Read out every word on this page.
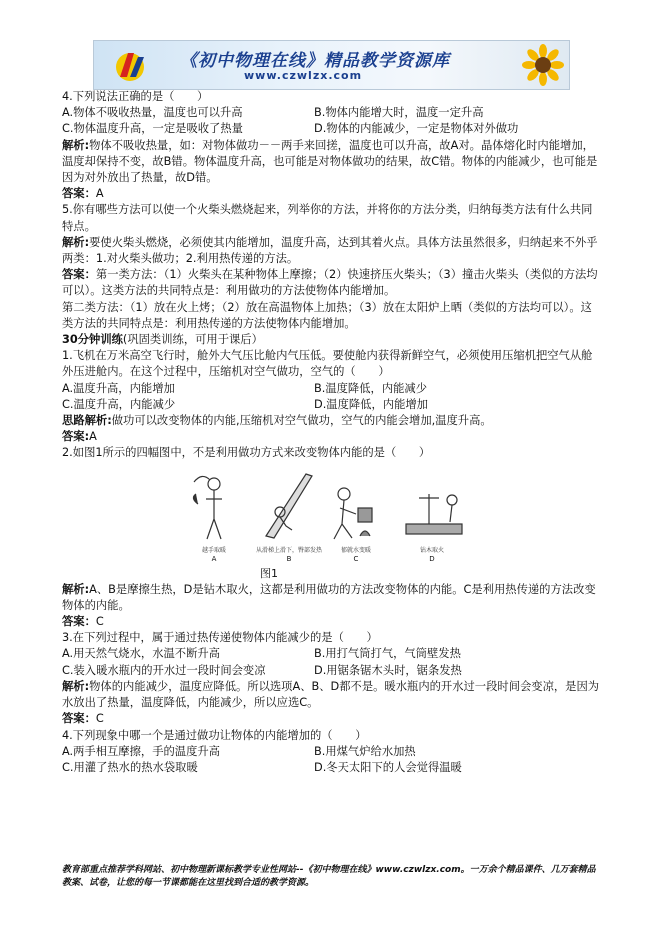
《初中物理在线》精品教学资源库
www.czwlzx.com

4.下列说法正确的是（　　）

A.物体不吸收热量，温度也可以升高	B.物体内能增大时，温度一定升高
C.物体温度升高，一定是吸收了热量	D.物体的内能减少，一定是物体对外做功

解析:物体不吸收热量，如：对物体做功－－两手来回搓，温度也可以升高，故A对。晶体熔化时内能增加，温度却保持不变，故B错。物体温度升高，也可能是对物体做功的结果，故C错。物体的内能减少，也可能是因为对外放出了热量，故D错。

答案：A

5.你有哪些方法可以使一个火柴头燃烧起来，列举你的方法，并将你的方法分类，归纳每类方法有什么共同特点。

解析:要使火柴头燃烧，必须使其内能增加，温度升高，达到其着火点。具体方法虽然很多，归纳起来不外乎两类：1.对火柴头做功；2.利用热传递的方法。

答案：第一类方法：（1）火柴头在某种物体上摩擦；（2）快速挤压火柴头；（3）撞击火柴头（类似的方法均可以）。这类方法的共同特点是：利用做功的方法使物体内能增加。

第二类方法：（1）放在火上烤；（2）放在高温物体上加热；（3）放在太阳炉上晒（类似的方法均可以）。这类方法的共同特点是：利用热传递的方法使物体内能增加。

30分钟训练(巩固类训练，可用于课后）

1.飞机在万米高空飞行时，舱外大气压比舱内气压低。要使舱内获得新鲜空气，必须使用压缩机把空气从舱外压进舱内。在这个过程中，压缩机对空气做功，空气的（　　）

A.温度升高，内能增加	B.温度降低，内能减少
C.温度升高，内能减少	D.温度降低，内能增加

思路解析:做功可以改变物体的内能,压缩机对空气做功，空气的内能会增加,温度升高。

答案:A

2.如图1所示的四幅图中，不是利用做功方式来改变物体内能的是（　　）

越手取暖	从滑梯上滑下，臀部发热	郁就水变暖	钻木取火
A	B	C	D
图1

解析:A、B是摩擦生热，D是钻木取火，这都是利用做功的方法改变物体的内能。C是利用热传递的方法改变物体的内能。

答案：C

3.在下列过程中，属于通过热传递使物体内能减少的是（　　）

A.用天然气烧水，水温不断升高	B.用打气筒打气，气筒壁发热
C.装入暖水瓶内的开水过一段时间会变凉	D.用锯条锯木头时，锯条发热

解析:物体的内能减少，温度应降低。所以选项A、B、D都不是。暖水瓶内的开水过一段时间会变凉，是因为水放出了热量，温度降低，内能减少，所以应选C。

答案：C

4.下列现象中哪一个是通过做功让物体的内能增加的（　　）

A.两手相互摩擦，手的温度升高	B.用煤气炉给水加热
C.用灌了热水的热水袋取暖	D.冬天太阳下的人会觉得温暖
教育部重点推荐学科网站、初中物理新课标教学专业性网站--《初中物理在线》www.czwlzx.com。一万余个精品课件、几万套精品教案、试卷，让您的每一节课都能在这里找到合适的教学资源。
